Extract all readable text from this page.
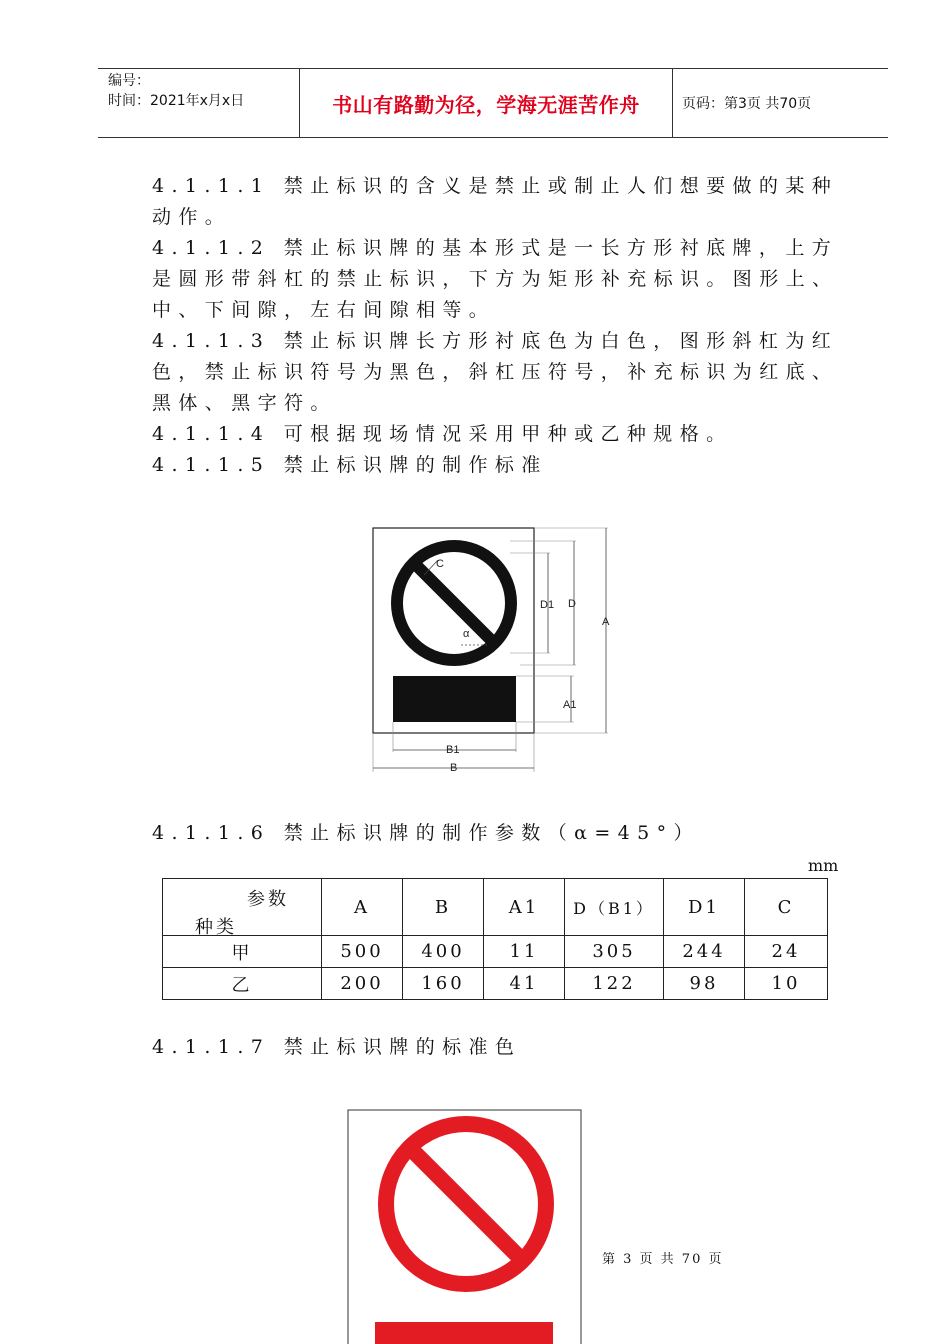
编号：
时间：2021年x月x日	书山有路勤为径，学海无涯苦作舟	页码：第3页 共70页
4.1.1.1 禁止标识的含义是禁止或制止人们想要做的某种动作。
4.1.1.2 禁止标识牌的基本形式是一长方形衬底牌，上方是圆形带斜杠的禁止标识，下方为矩形补充标识。图形上、中、下间隙，左右间隙相等。
4.1.1.3 禁止标识牌长方形衬底色为白色，图形斜杠为红色，禁止标识符号为黑色，斜杠压符号，补充标识为红底、黑体、黑字符。
4.1.1.4 可根据现场情况采用甲种或乙种规格。
4.1.1.5 禁止标识牌的制作标准
C
α
D1 D
A
A1
B1
B
4.1.1.6 禁止标识牌的制作参数（α=45°）
mm
参数
种类	A	B	A1	D（B1）	D1	C
甲	500	400	11	305	244	24
乙	200	160	41	122	98	10
4.1.1.7 禁止标识牌的标准色
第 3 页 共 70 页
